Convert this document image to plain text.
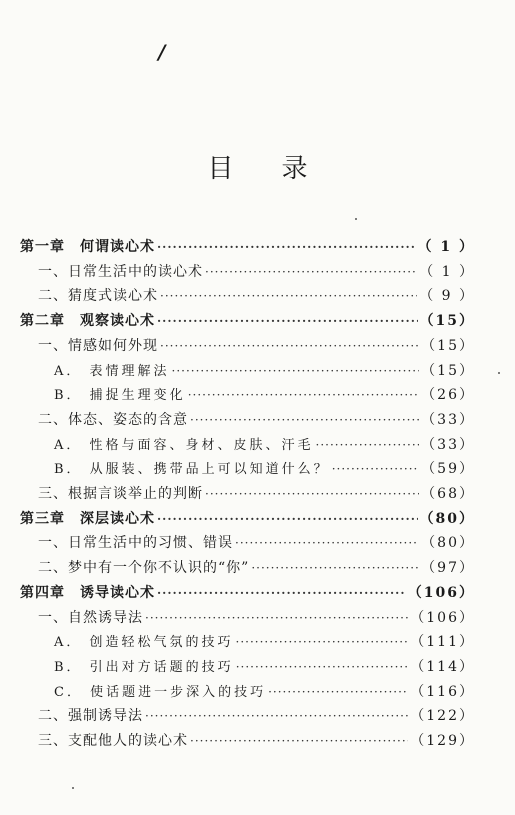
/
目录
第一章　何谓读心术 ·····	（ 1 ）
一、日常生活中的读心术 ·····	（ 1 ）
二、猜度式读心术 ·····	（ 9 ）
第二章　观察读心术 ·····	（15）
一、情感如何外现 ·····	（15）
A． 表情理解法 ·····	（15）
B． 捕捉生理变化 ·····	（26）
二、体态、姿态的含意 ·····	（33）
A． 性格与面容、身材、皮肤、汗毛 ·····	（33）
B． 从服装、携带品上可以知道什么？ ·····	（59）
三、根据言谈举止的判断 ·····	（68）
第三章　深层读心术 ·····	（80）
一、日常生活中的习惯、错误 ·····	（80）
二、梦中有一个你不认识的“你” ·····	（97）
第四章　诱导读心术 ·····	（106）
一、自然诱导法 ·····	（106）
A． 创造轻松气氛的技巧 ·····	（111）
B． 引出对方话题的技巧 ·····	（114）
C． 使话题进一步深入的技巧 ·····	（116）
二、强制诱导法 ·····	（122）
三、支配他人的读心术 ·····	（129）
